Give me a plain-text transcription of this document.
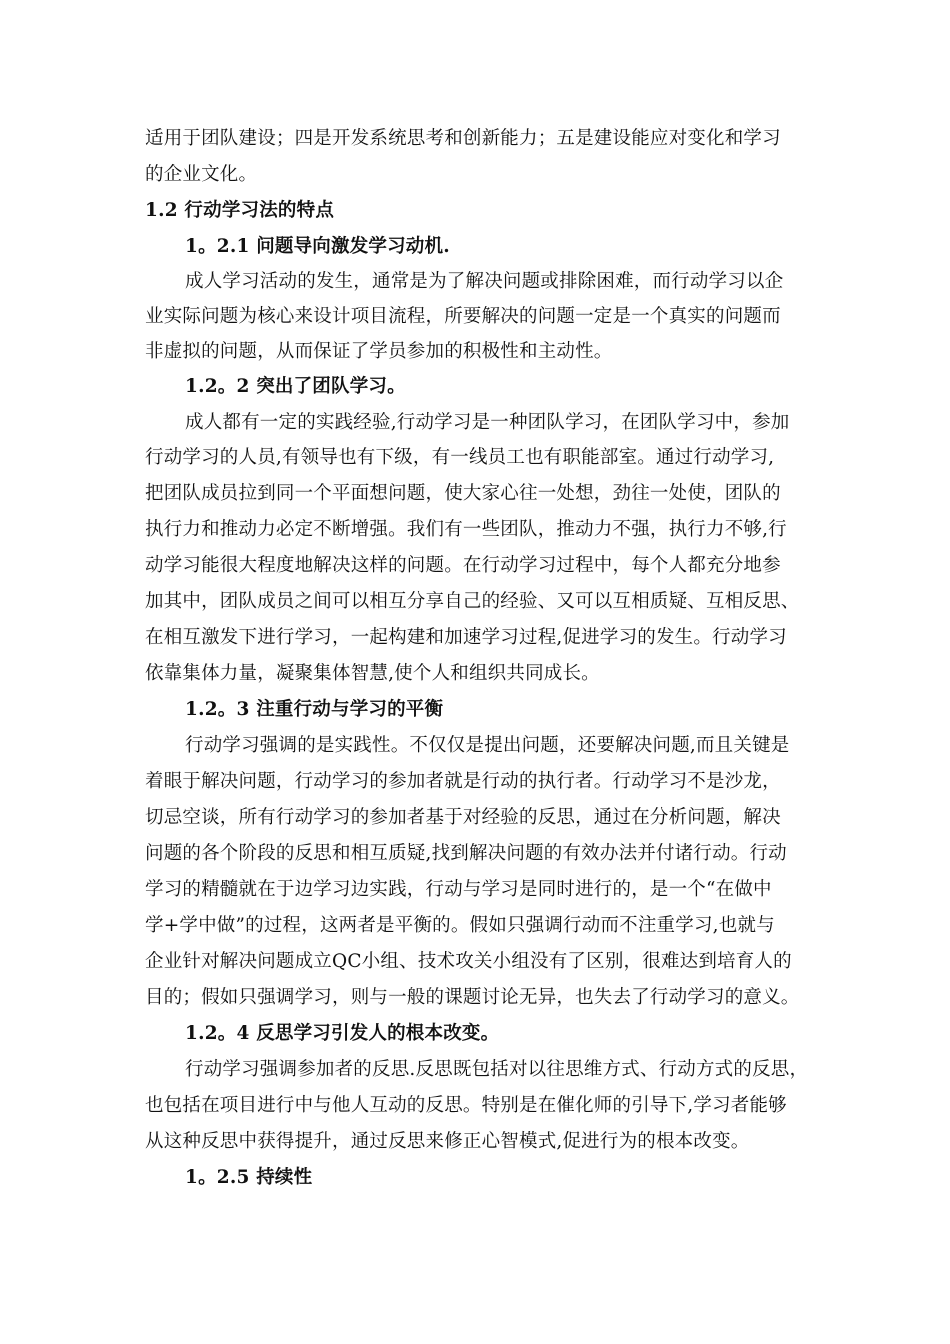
适用于团队建设；四是开发系统思考和创新能力；五是建设能应对变化和学习
的企业文化。
1.2 行动学习法的特点
1。2.1 问题导向激发学习动机.
成人学习活动的发生，通常是为了解决问题或排除困难，而行动学习以企
业实际问题为核心来设计项目流程，所要解决的问题一定是一个真实的问题而
非虚拟的问题，从而保证了学员参加的积极性和主动性。
1.2。2 突出了团队学习。
成人都有一定的实践经验,行动学习是一种团队学习，在团队学习中，参加
行动学习的人员,有领导也有下级，有一线员工也有职能部室。通过行动学习,
把团队成员拉到同一个平面想问题，使大家心往一处想，劲往一处使，团队的
执行力和推动力必定不断增强。我们有一些团队，推动力不强，执行力不够,行
动学习能很大程度地解决这样的问题。在行动学习过程中，每个人都充分地参
加其中，团队成员之间可以相互分享自己的经验、又可以互相质疑、互相反思、
在相互激发下进行学习，一起构建和加速学习过程,促进学习的发生。行动学习
依靠集体力量，凝聚集体智慧,使个人和组织共同成长。
1.2。3 注重行动与学习的平衡
行动学习强调的是实践性。不仅仅是提出问题，还要解决问题,而且关键是
着眼于解决问题，行动学习的参加者就是行动的执行者。行动学习不是沙龙，
切忌空谈，所有行动学习的参加者基于对经验的反思，通过在分析问题，解决
问题的各个阶段的反思和相互质疑,找到解决问题的有效办法并付诸行动。行动
学习的精髓就在于边学习边实践，行动与学习是同时进行的，是一个“在做中
学+学中做”的过程，这两者是平衡的。假如只强调行动而不注重学习,也就与
企业针对解决问题成立QC小组、技术攻关小组没有了区别，很难达到培育人的
目的；假如只强调学习，则与一般的课题讨论无异，也失去了行动学习的意义。
1.2。4 反思学习引发人的根本改变。
行动学习强调参加者的反思.反思既包括对以往思维方式、行动方式的反思，
也包括在项目进行中与他人互动的反思。特别是在催化师的引导下,学习者能够
从这种反思中获得提升，通过反思来修正心智模式,促进行为的根本改变。
1。2.5 持续性
